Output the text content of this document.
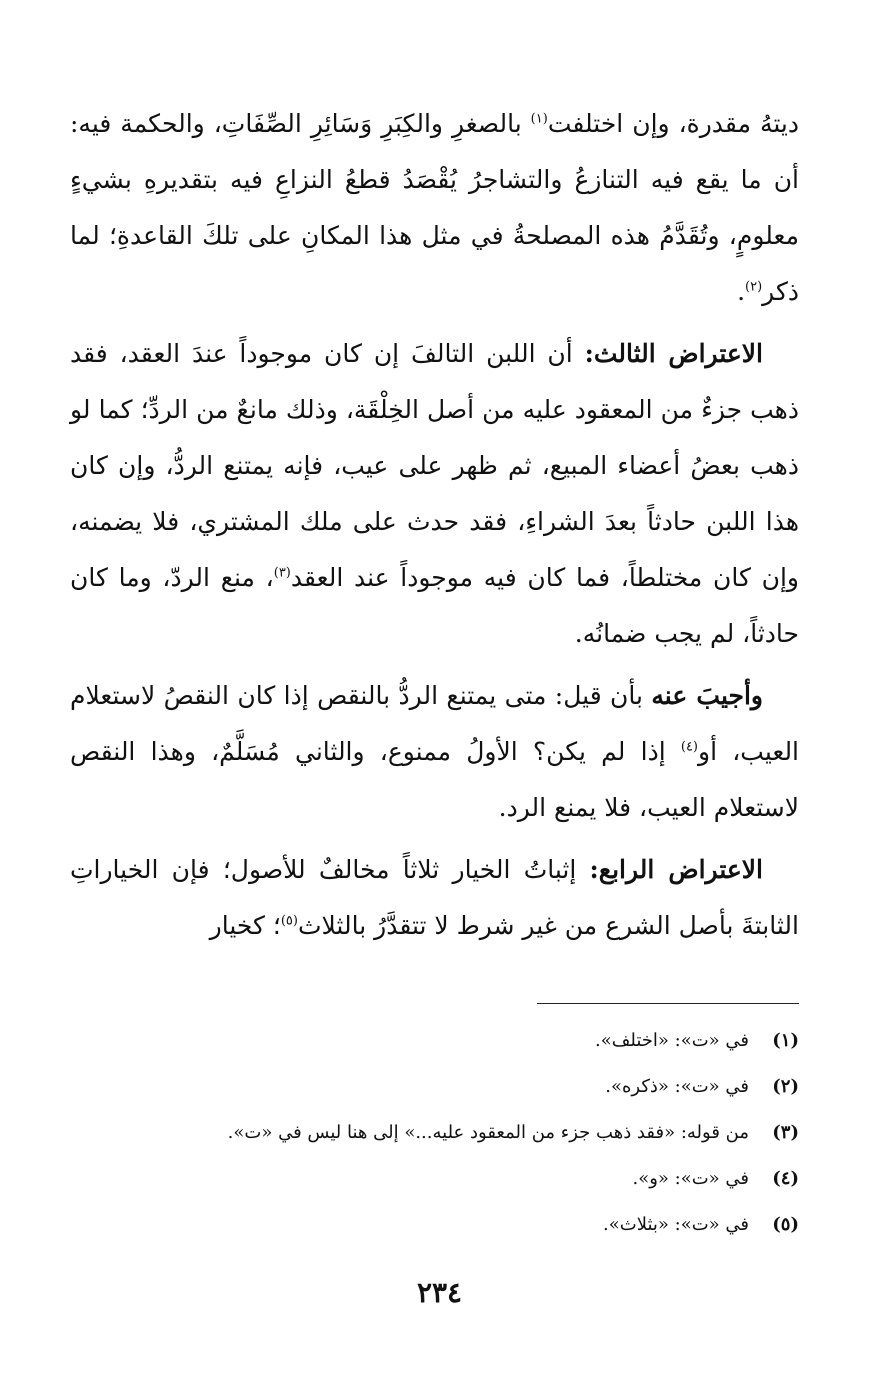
ديتهُ مقدرة، وإن اختلفت$^{(١)}$ بالصغرِ والكِبَرِ وَسَائِرِ الصِّفَاتِ، والحكمة فيه: أن ما يقع فيه التنازعُ والتشاجرُ يُقْصَدُ قطعُ النزاعِ فيه بتقديرهِ بشيءٍ معلومٍ، وتُقَدَّمُ هذه المصلحةُ في مثل هذا المكانِ على تلكَ القاعدةِ؛ لما ذكر$^{(٢)}$.

الاعتراض الثالث: أن اللبن التالفَ إن كان موجوداً عندَ العقد، فقد ذهب جزءٌ من المعقود عليه من أصل الخِلْقَة، وذلك مانعٌ من الردِّ؛ كما لو ذهب بعضُ أعضاء المبيع، ثم ظهر على عيب، فإنه يمتنع الردُّ، وإن كان هذا اللبن حادثاً بعدَ الشراءِ، فقد حدث على ملك المشتري، فلا يضمنه، وإن كان مختلطاً، فما كان فيه موجوداً عند العقد$^{(٣)}$، منع الردّ، وما كان حادثاً، لم يجب ضمانُه.

وأجيبَ عنه بأن قيل: متى يمتنع الردُّ بالنقص إذا كان النقصُ لاستعلام العيب، أو$^{(٤)}$ إذا لم يكن؟ الأولُ ممنوع، والثاني مُسَلَّمٌ، وهذا النقص لاستعلام العيب، فلا يمنع الرد.

الاعتراض الرابع: إثباتُ الخيار ثلاثاً مخالفٌ للأصول؛ فإن الخياراتِ الثابتةَ بأصل الشرع من غير شرط لا تتقدَّرُ بالثلاث$^{(٥)}$؛ كخيار

(١)
في «ت»: «اختلف».
(٢)
في «ت»: «ذكره».
(٣)
من قوله: «فقد ذهب جزء من المعقود عليه...» إلى هنا ليس في «ت».
(٤)
في «ت»: «و».
(٥)
في «ت»: «بثلاث».
٢٣٤
